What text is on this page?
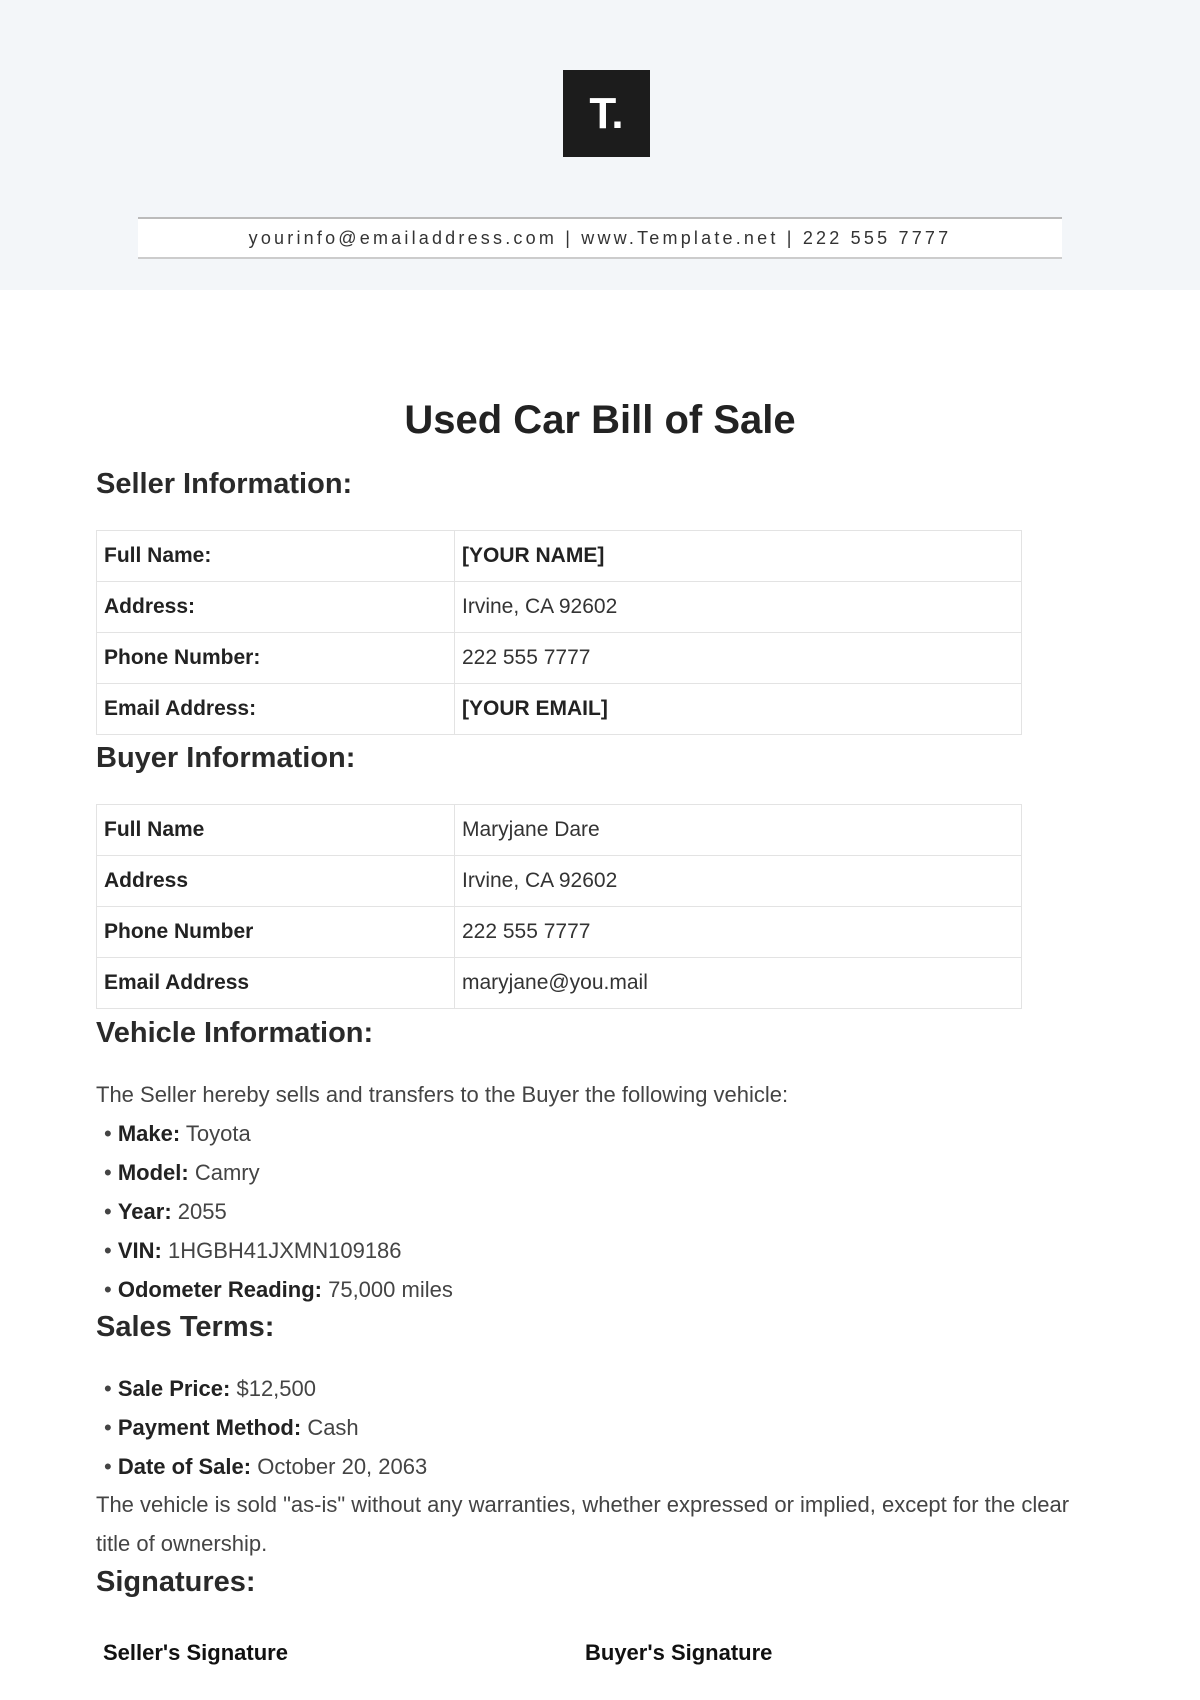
T.
yourinfo@emailaddress.com | www.Template.net | 222 555 7777
Used Car Bill of Sale
Seller Information:
Full Name:	[YOUR NAME]
Address:	Irvine, CA 92602
Phone Number:	222 555 7777
Email Address:	[YOUR EMAIL]
Buyer Information:
Full Name	Maryjane Dare
Address	Irvine, CA 92602
Phone Number	222 555 7777
Email Address	maryjane@you.mail
Vehicle Information:
The Seller hereby sells and transfers to the Buyer the following vehicle:
• Make: Toyota
• Model: Camry
• Year: 2055
• VIN: 1HGBH41JXMN109186
• Odometer Reading: 75,000 miles
Sales Terms:
• Sale Price: $12,500
• Payment Method: Cash
• Date of Sale: October 20, 2063
The vehicle is sold "as-is" without any warranties, whether expressed or implied, except for the clear title of ownership.
Signatures:
Seller's Signature	Buyer's Signature
